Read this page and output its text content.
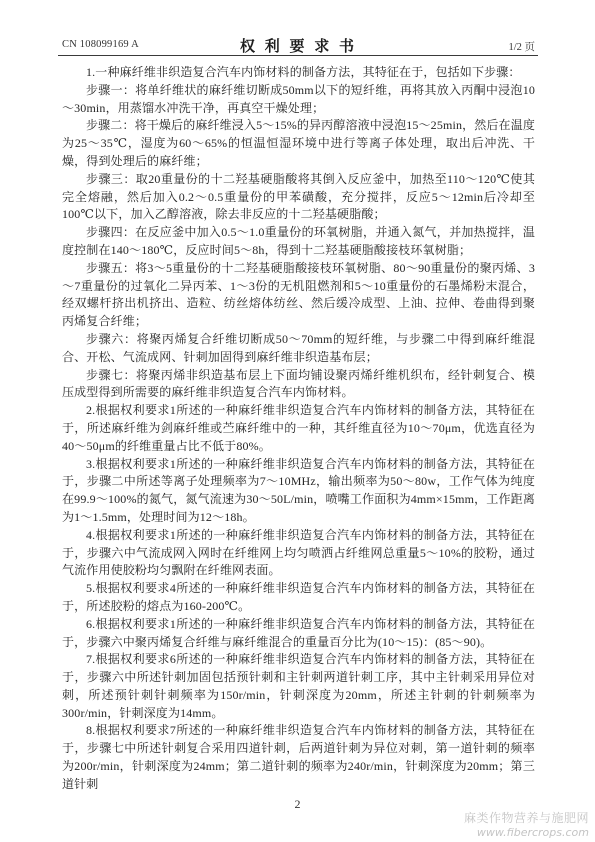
CN 108099169 A	权 利 要 求 书	1/2 页

1.一种麻纤维非织造复合汽车内饰材料的制备方法，其特征在于，包括如下步骤：

步骤一：将单纤维状的麻纤维切断成50mm以下的短纤维，再将其放入丙酮中浸泡10～30min，用蒸馏水冲洗干净，再真空干燥处理；

步骤二：将干燥后的麻纤维浸入5～15%的异丙醇溶液中浸泡15～25min，然后在温度为25～35℃，湿度为60～65%的恒温恒湿环境中进行等离子体处理，取出后冲洗、干燥，得到处理后的麻纤维；

步骤三：取20重量份的十二羟基硬脂酸将其倒入反应釜中，加热至110～120℃使其完全熔融，然后加入0.2～0.5重量份的甲苯磺酸，充分搅拌，反应5～12min后冷却至100℃以下，加入乙醇溶液，除去非反应的十二羟基硬脂酸；

步骤四：在反应釜中加入0.5～1.0重量份的环氧树脂，并通入氮气，并加热搅拌，温度控制在140～180℃，反应时间5～8h，得到十二羟基硬脂酸接枝环氧树脂；

步骤五：将3～5重量份的十二羟基硬脂酸接枝环氧树脂、80～90重量份的聚丙烯、3～7重量份的过氧化二异丙苯、1～3份的无机阻燃剂和5～10重量份的石墨烯粉末混合，经双螺杆挤出机挤出、造粒、纺丝熔体纺丝、然后缓冷成型、上油、拉伸、卷曲得到聚丙烯复合纤维；

步骤六：将聚丙烯复合纤维切断成50～70mm的短纤维，与步骤二中得到麻纤维混合、开松、气流成网、针刺加固得到麻纤维非织造基布层；

步骤七：将聚丙烯非织造基布层上下面均铺设聚丙烯纤维机织布，经针刺复合、模压成型得到所需要的麻纤维非织造复合汽车内饰材料。

2.根据权利要求1所述的一种麻纤维非织造复合汽车内饰材料的制备方法，其特征在于，所述麻纤维为剑麻纤维或苎麻纤维中的一种，其纤维直径为10～70μm，优选直径为40～50μm的纤维重量占比不低于80%。

3.根据权利要求1所述的一种麻纤维非织造复合汽车内饰材料的制备方法，其特征在于，步骤二中所述等离子处理频率为7～10MHz，输出频率为50～80w，工作气体为纯度在99.9～100%的氮气，氮气流速为30～50L/min，喷嘴工作面积为4mm×15mm，工作距离为1～1.5mm，处理时间为12～18h。

4.根据权利要求1所述的一种麻纤维非织造复合汽车内饰材料的制备方法，其特征在于，步骤六中气流成网入网时在纤维网上均匀喷洒占纤维网总重量5～10%的胶粉，通过气流作用使胶粉均匀飘附在纤维网表面。

5.根据权利要求4所述的一种麻纤维非织造复合汽车内饰材料的制备方法，其特征在于，所述胶粉的熔点为160-200℃。

6.根据权利要求1所述的一种麻纤维非织造复合汽车内饰材料的制备方法，其特征在于，步骤六中聚丙烯复合纤维与麻纤维混合的重量百分比为(10～15)：(85～90)。

7.根据权利要求6所述的一种麻纤维非织造复合汽车内饰材料的制备方法，其特征在于，步骤六中所述针刺加固包括预针刺和主针刺两道针刺工序，其中主针刺采用异位对刺，所述预针刺针刺频率为150r/min，针刺深度为20mm，所述主针刺的针刺频率为300r/min，针刺深度为14mm。

8.根据权利要求7所述的一种麻纤维非织造复合汽车内饰材料的制备方法，其特征在于，步骤七中所述针刺复合采用四道针刺，后两道针刺为异位对刺，第一道针刺的频率为200r/min，针刺深度为24mm；第二道针刺的频率为240r/min，针刺深度为20mm；第三道针刺

2
麻类作物营养与施肥网
www.fibercrops.com
